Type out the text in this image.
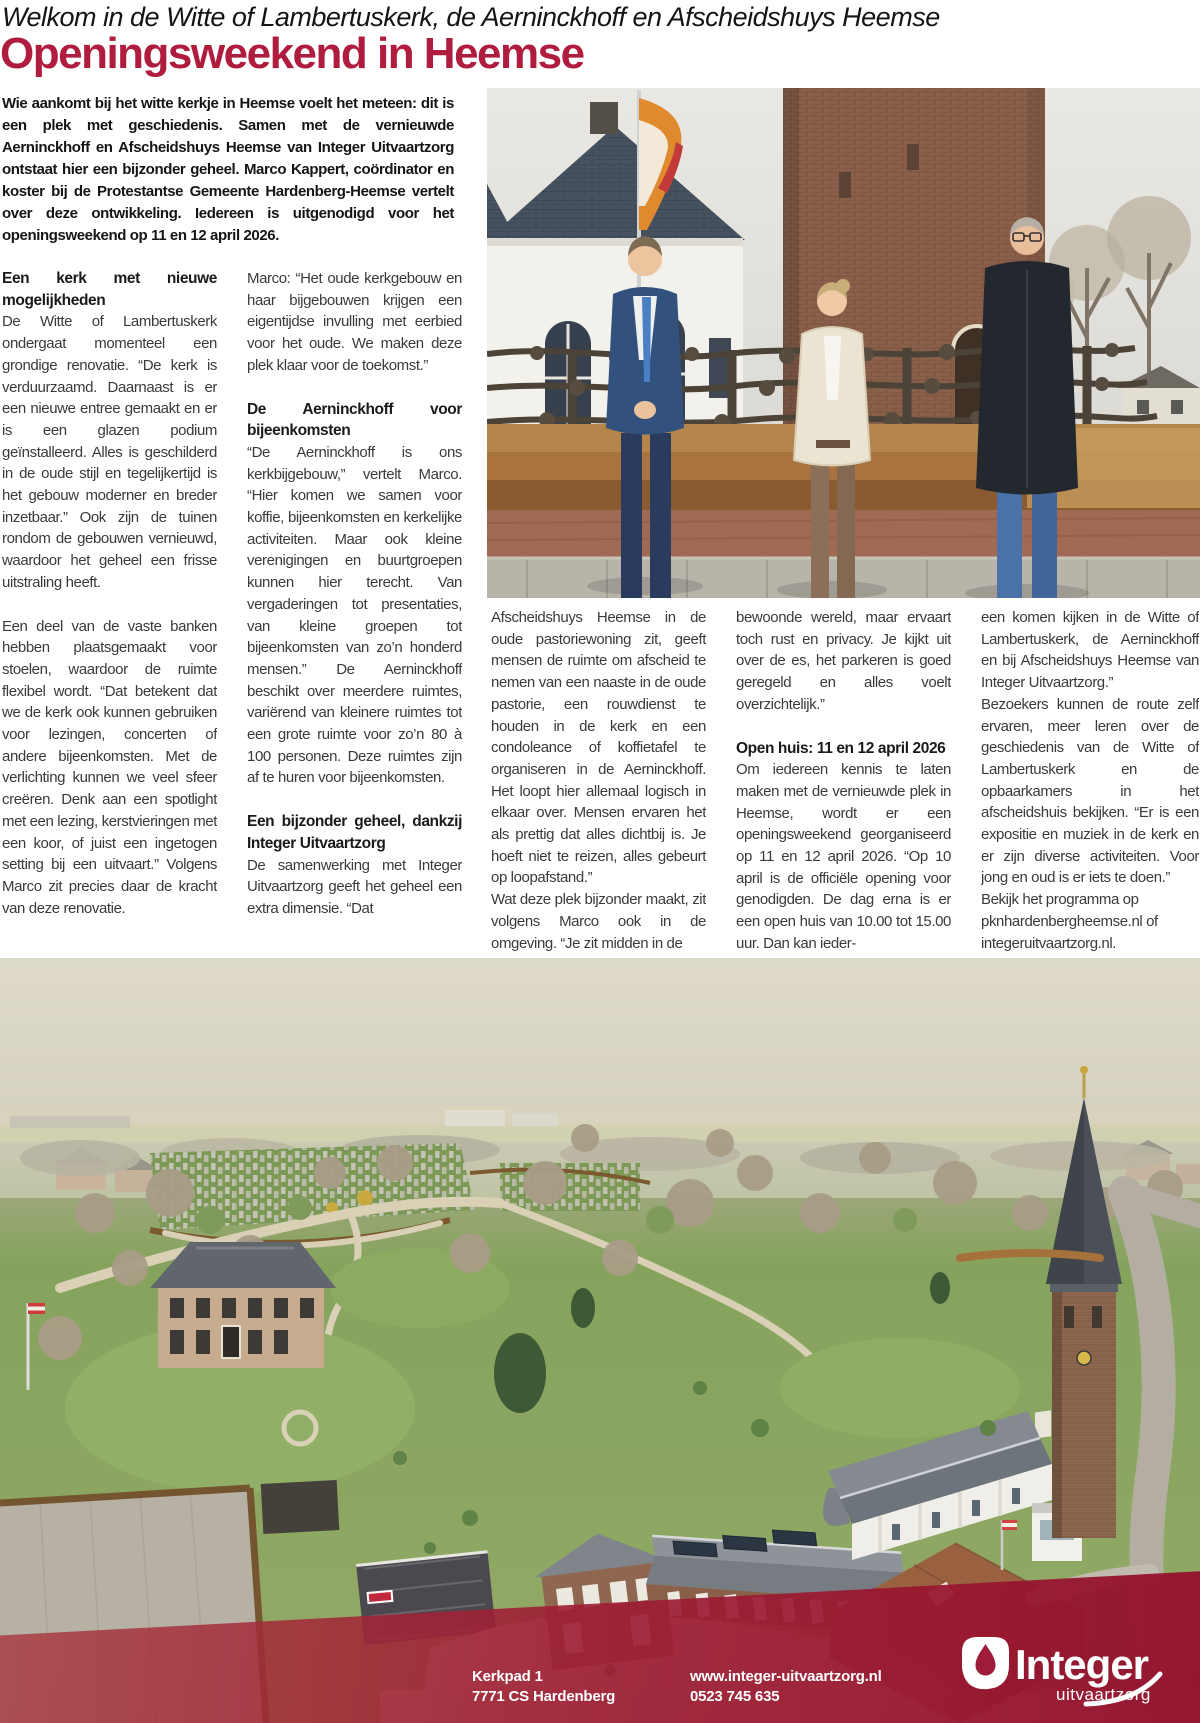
Welkom in de Witte of Lambertuskerk, de Aerninckhoff en Afscheidshuys Heemse
Openingsweekend in Heemse
Wie aankomt bij het witte kerkje in Heemse voelt het meteen: dit is een plek met geschiedenis. Samen met de vernieuwde Aerninckhoff en Afscheidshuys Heemse van Integer Uitvaartzorg ontstaat hier een bijzonder geheel. Marco Kappert, coördinator en koster bij de Protestantse Gemeente Hardenberg-Heemse vertelt over deze ontwikkeling. Iedereen is uitgenodigd voor het openingsweekend op 11 en 12 april 2026.
Een kerk met nieuwe mogelijkheden

De Witte of Lambertuskerk ondergaat momenteel een grondige renovatie. “De kerk is verduurzaamd. Daarnaast is er een nieuwe entree gemaakt en er is een glazen podium geïnstalleerd. Alles is geschilderd in de oude stijl en tegelijkertijd is het gebouw moderner en breder inzetbaar.” Ook zijn de tuinen rondom de gebouwen vernieuwd, waardoor het geheel een frisse uitstraling heeft.

Een deel van de vaste banken hebben plaatsgemaakt voor stoelen, waardoor de ruimte flexibel wordt. “Dat betekent dat we de kerk ook kunnen gebruiken voor lezingen, concerten of andere bijeenkomsten. Met de verlichting kunnen we veel sfeer creëren. Denk aan een spotlight met een lezing, kerstvieringen met een koor, of juist een ingetogen setting bij een uitvaart.” Volgens Marco zit precies daar de kracht van deze renovatie.

Marco: “Het oude kerkgebouw en haar bijgebouwen krijgen een eigentijdse invulling met eerbied voor het oude. We maken deze plek klaar voor de toekomst.”

De Aerninckhoff voor bijeenkomsten

“De Aerninckhoff is ons kerkbijgebouw,” vertelt Marco. “Hier komen we samen voor koffie, bijeenkomsten en kerkelijke activiteiten. Maar ook kleine verenigingen en buurtgroepen kunnen hier terecht. Van vergaderingen tot presentaties, van kleine groepen tot bijeenkomsten van zo’n honderd mensen.” De Aerninckhoff beschikt over meerdere ruimtes, variërend van kleinere ruimtes tot een grote ruimte voor zo’n 80 à 100 personen. Deze ruimtes zijn af te huren voor bijeenkomsten.

Een bijzonder geheel, dankzij Integer Uitvaartzorg

De samenwerking met Integer Uitvaartzorg geeft het geheel een extra dimensie. “Dat

Afscheidshuys Heemse in de oude pastoriewoning zit, geeft mensen de ruimte om afscheid te nemen van een naaste in de oude pastorie, een rouwdienst te houden in de kerk en een condoleance of koffietafel te organiseren in de Aerninckhoff. Het loopt hier allemaal logisch in elkaar over. Mensen ervaren het als prettig dat alles dichtbij is. Je hoeft niet te reizen, alles gebeurt op loopafstand.”

Wat deze plek bijzonder maakt, zit volgens Marco ook in de omgeving. “Je zit midden in de

bewoonde wereld, maar ervaart toch rust en privacy. Je kijkt uit over de es, het parkeren is goed geregeld en alles voelt overzichtelijk.”

Open huis: 11 en 12 april 2026

Om iedereen kennis te laten maken met de vernieuwde plek in Heemse, wordt er een openingsweekend georganiseerd op 11 en 12 april 2026. “Op 10 april is de officiële opening voor genodigden. De dag erna is er een open huis van 10.00 tot 15.00 uur. Dan kan ieder-

een komen kijken in de Witte of Lambertuskerk, de Aerninckhoff en bij Afscheidshuys Heemse van Integer Uitvaartzorg.”

Bezoekers kunnen de route zelf ervaren, meer leren over de geschiedenis van de Witte of Lambertuskerk en de opbaarkamers in het afscheidshuis bekijken. “Er is een expositie en muziek in de kerk en er zijn diverse activiteiten. Voor jong en oud is er iets te doen.”

Bekijk het programma op pknhardenbergheemse.nl of integeruitvaartzorg.nl.

Kerkpad 1
7771 CS Hardenberg
www.integer-uitvaartzorg.nl
0523 745 635
Integer
uitvaartzorg
